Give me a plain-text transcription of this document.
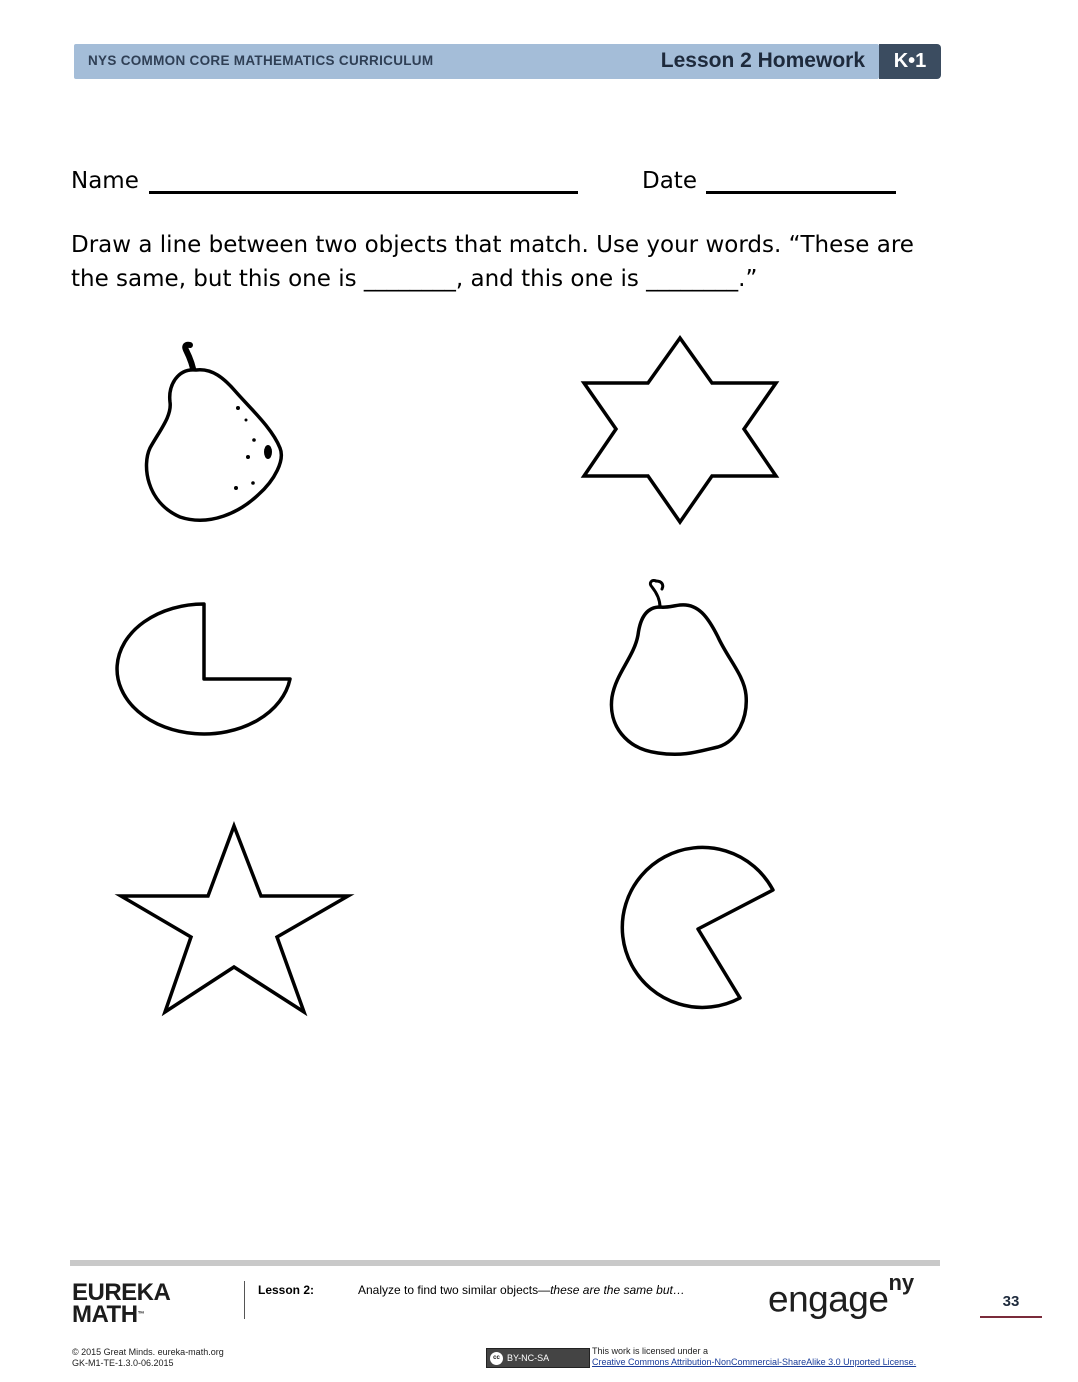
NYS COMMON CORE MATHEMATICS CURRICULUM	Lesson 2 Homework	K•1
Name	Date
Draw a line between two objects that match. Use your words. “These are
the same, but this one is ________, and this one is ________.”
EUREKA
MATH™
Lesson 2:	Analyze to find two similar objects—these are the same but… engage$^{ny}$
33
© 2015 Great Minds. eureka-math.org
GK-M1-TE-1.3.0-06.2015	cc BY-NC-SA
This work is licensed under a
Creative Commons Attribution-NonCommercial-ShareAlike 3.0 Unported License.
